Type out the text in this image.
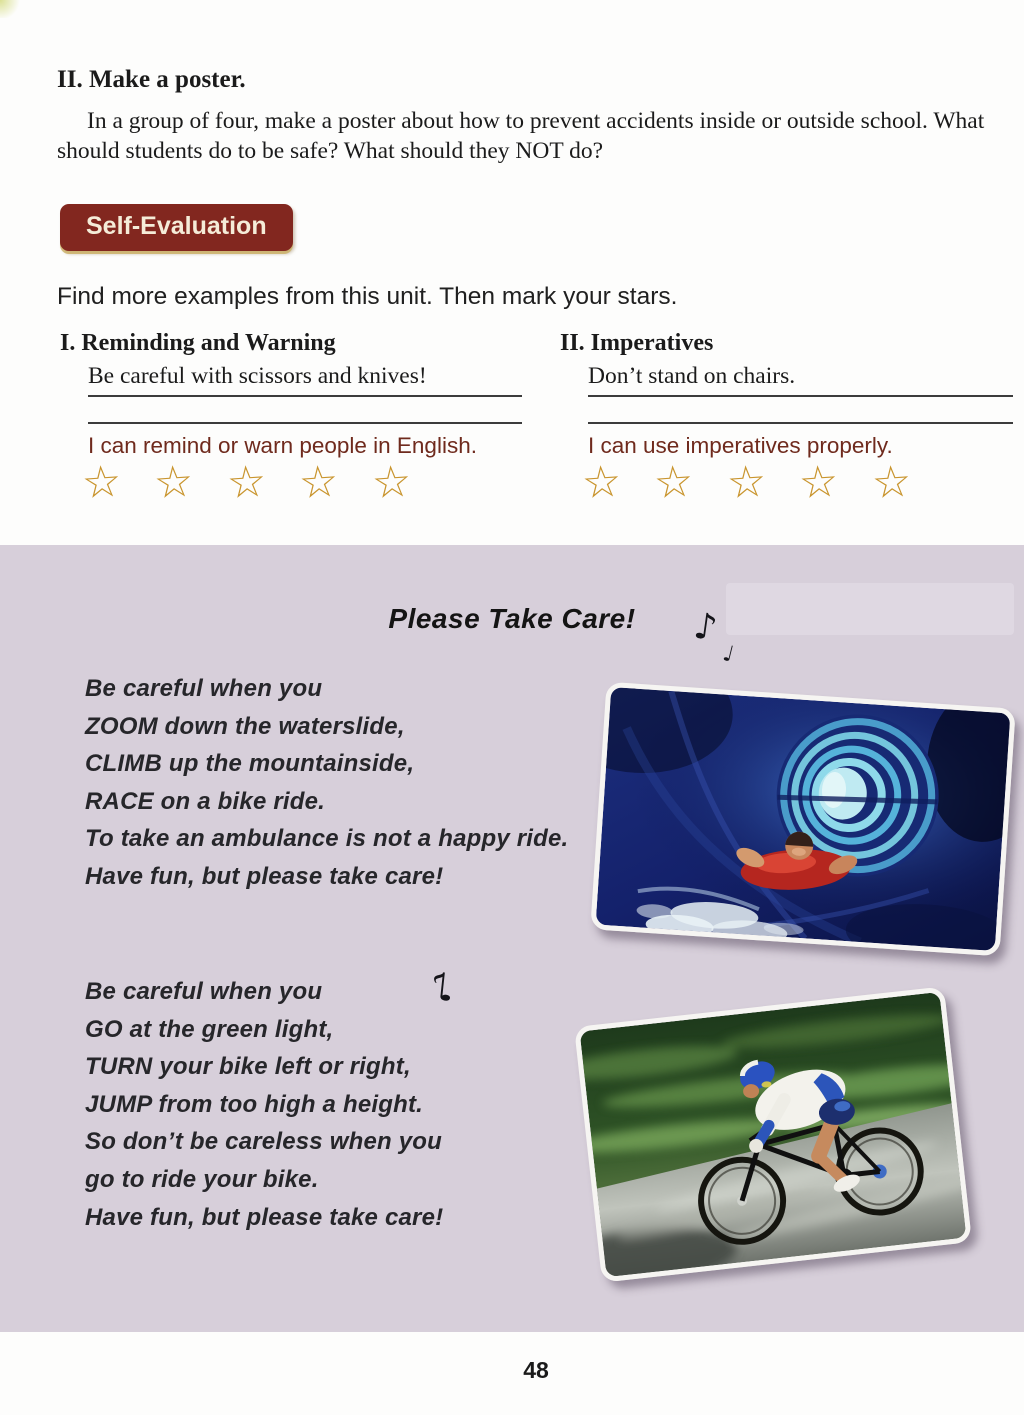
II. Make a poster.

In a group of four, make a poster about how to prevent accidents inside or outside school. What should students do to be safe? What should they NOT do?

Self-Evaluation

Find more examples from this unit. Then mark your stars.

I. Reminding and Warning
Be careful with scissors and knives!

I can remind or warn people in English.

☆ ☆ ☆ ☆ ☆
II. Imperatives
Don’t stand on chairs.

I can use imperatives properly.

☆ ☆ ☆ ☆ ☆
Please Take Care!	♪ ♩
Be careful when you
ZOOM down the waterslide,
CLIMB up the mountainside,
RACE on a bike ride.
To take an ambulance is not a happy ride.
Have fun, but please take care!
♪
Be careful when you
GO at the green light,
TURN your bike left or right,
JUMP from too high a height.
So don’t be careless when you
go to ride your bike.
Have fun, but please take care!
48
